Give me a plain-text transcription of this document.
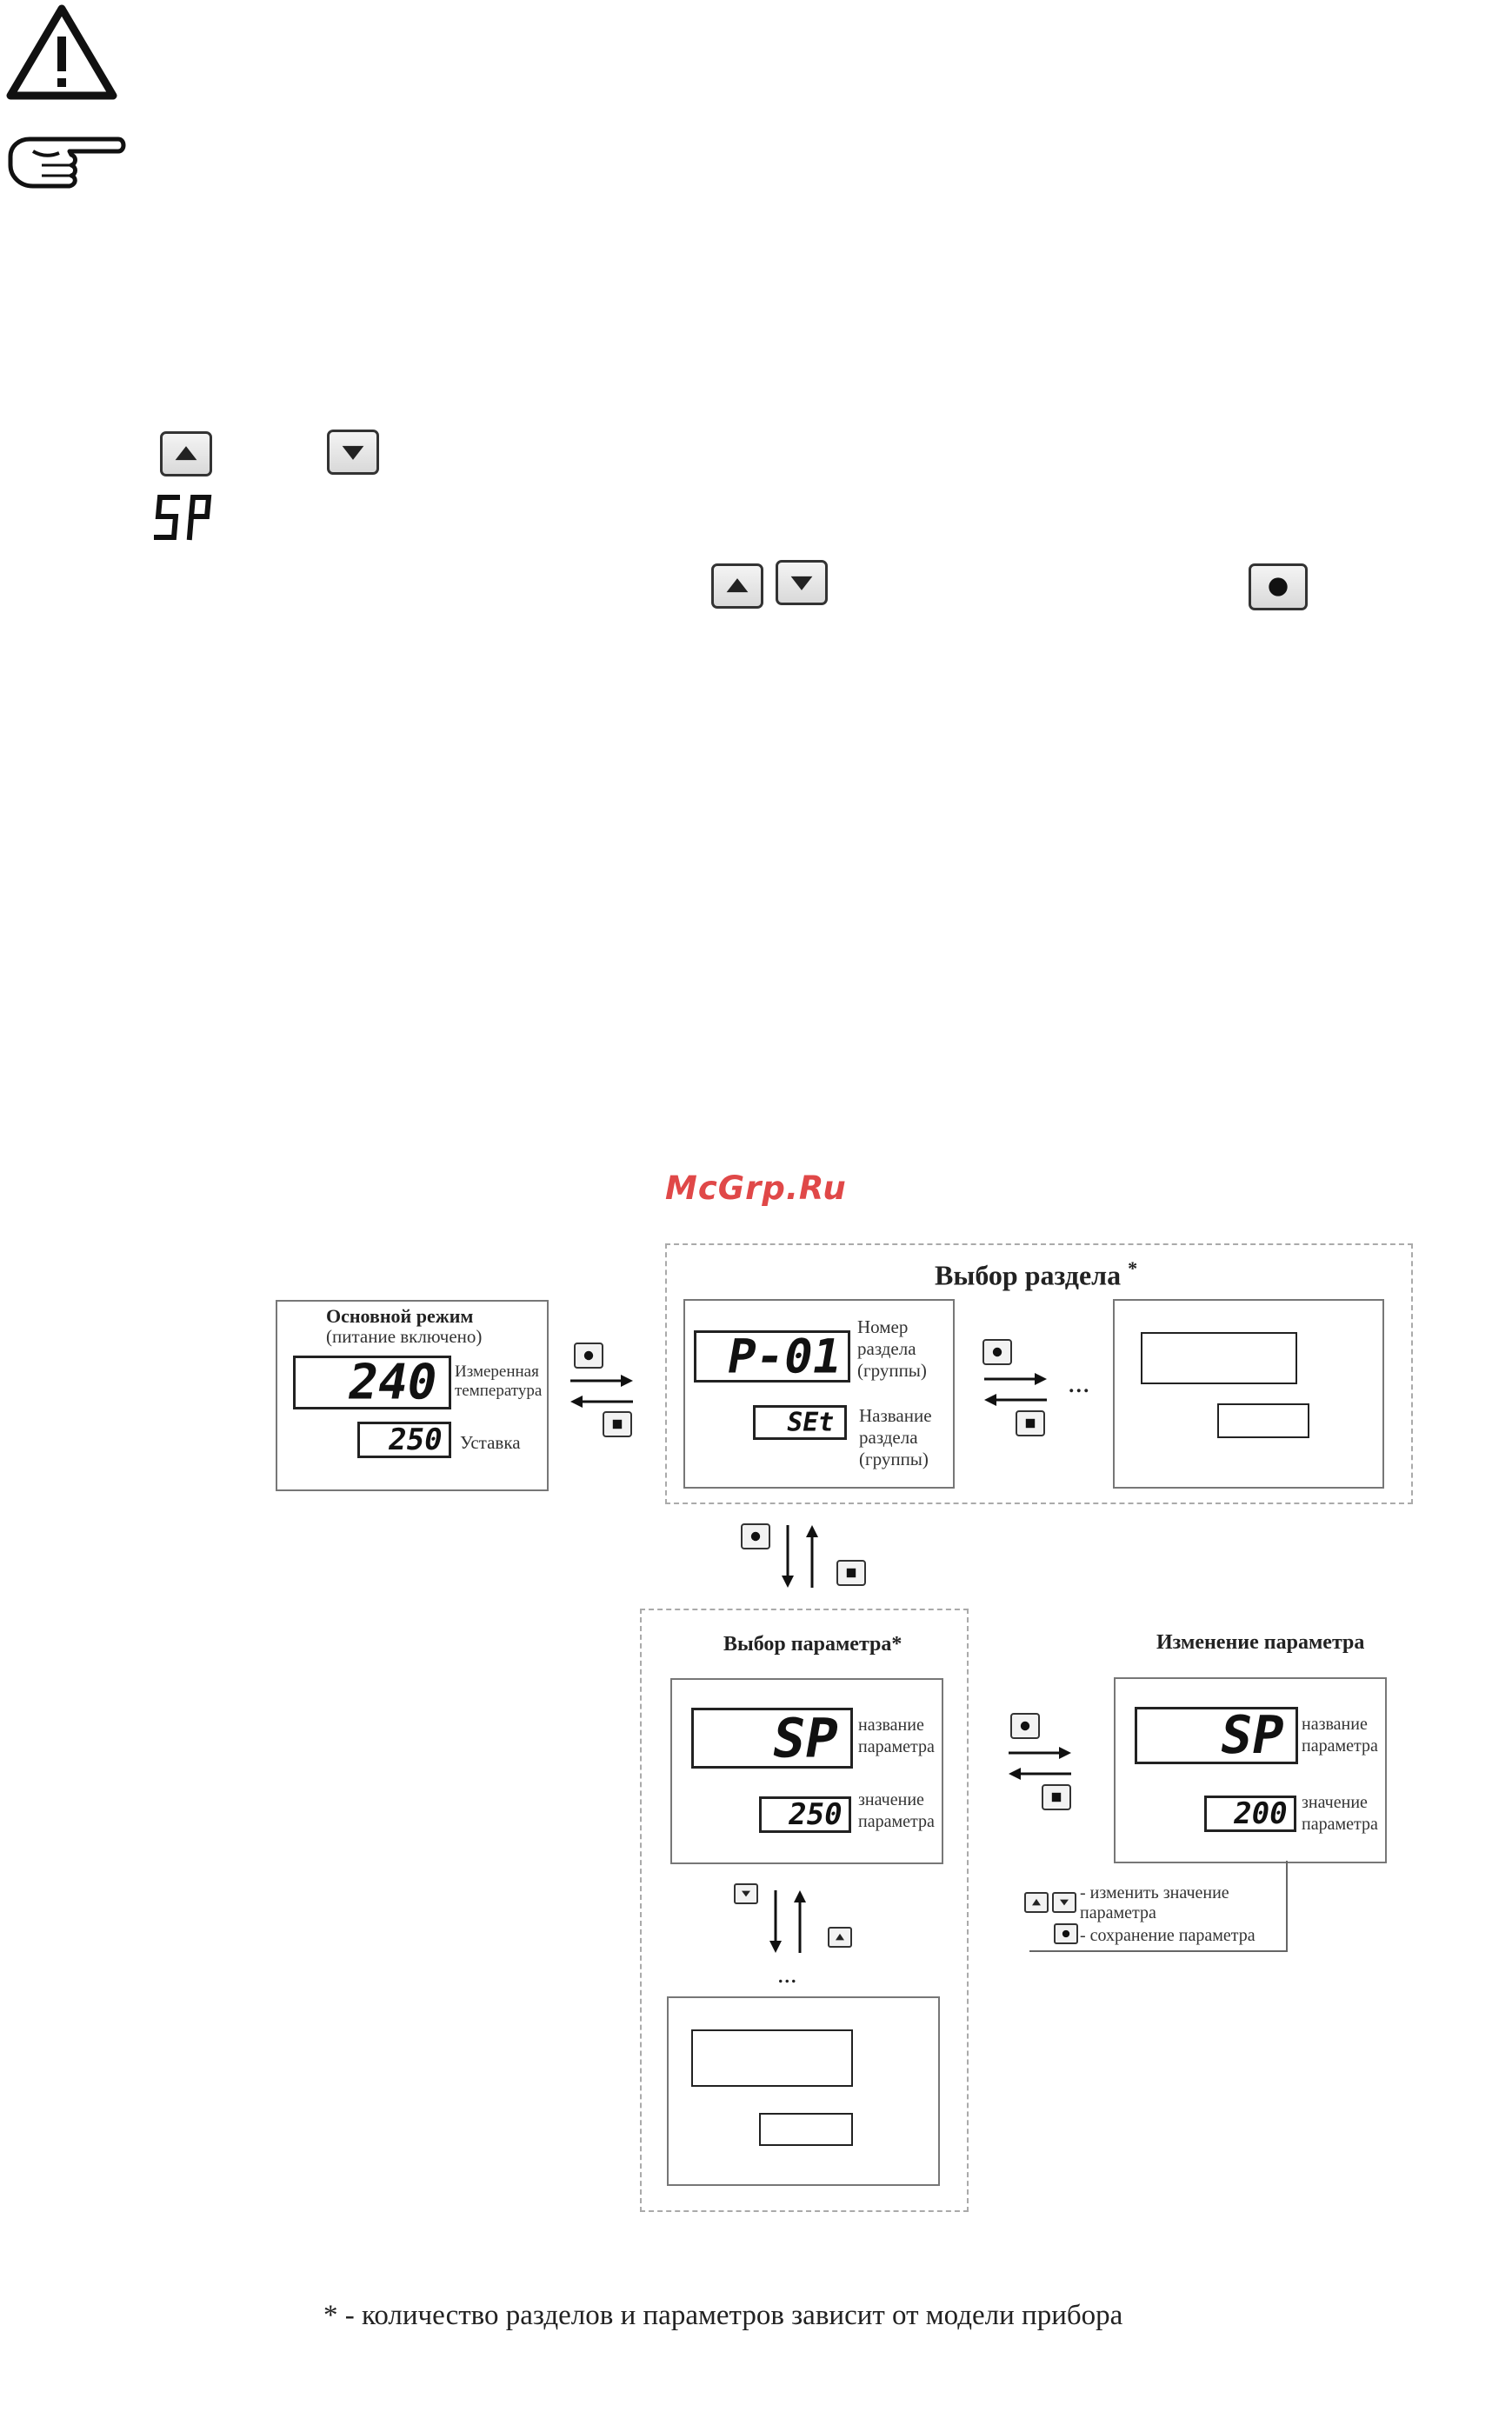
McGrp.Ru
Основной режим
(питание включено)
240 Измеренная температура
250 Уставка
Выбор раздела *
P-01
Номер раздела (группы)
SEt Название раздела (группы)
...
Выбор параметра*
SP название параметра
250 значение параметра
...
Изменение параметра
SP название параметра
200 значение параметра
- изменить значение параметра
- сохранение параметра
* - количество разделов и параметров зависит от модели прибора
